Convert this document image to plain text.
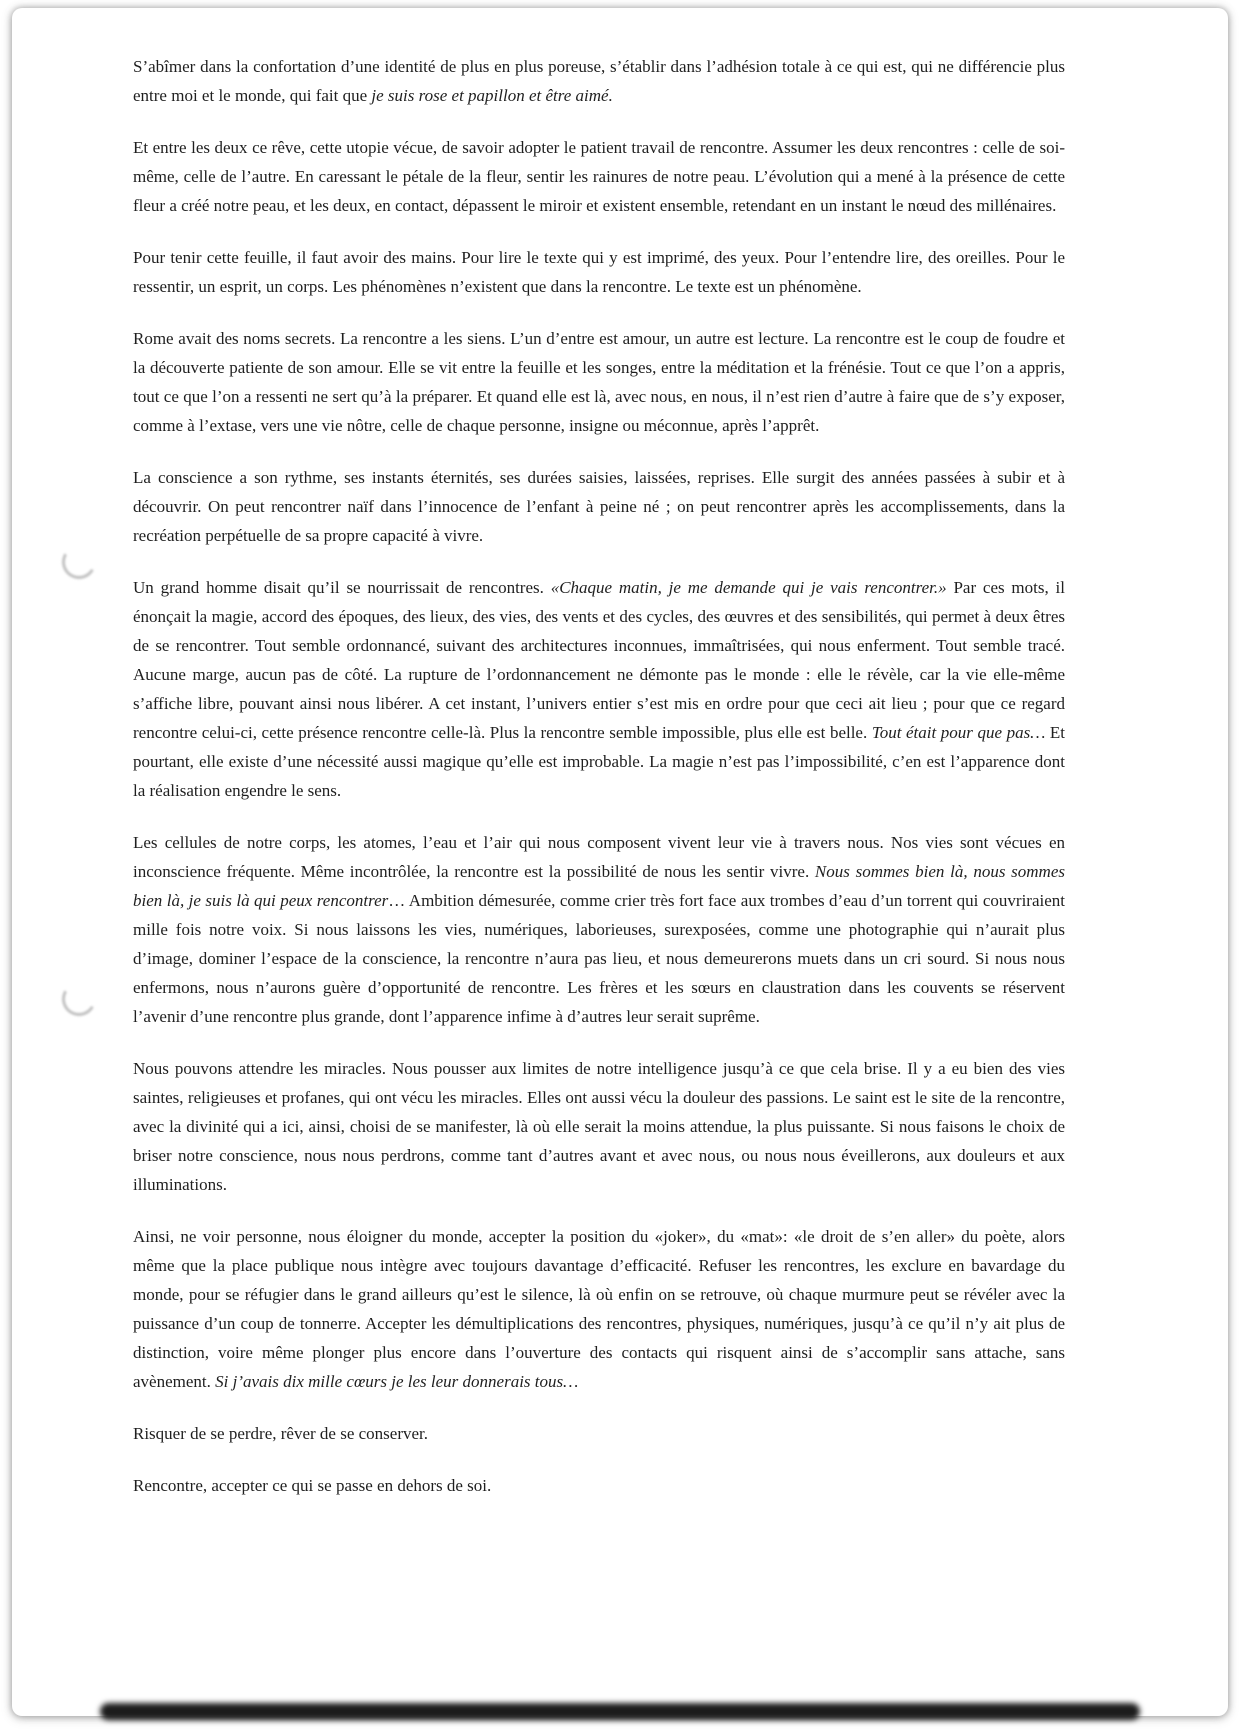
S’abîmer dans la confortation d’une identité de plus en plus poreuse, s’établir dans l’adhésion totale à ce qui est, qui ne différencie plus entre moi et le monde, qui fait que je suis rose et papillon et être aimé.

Et entre les deux ce rêve, cette utopie vécue, de savoir adopter le patient travail de rencontre. Assumer les deux rencontres : celle de soi-même, celle de l’autre. En caressant le pétale de la fleur, sentir les rainures de notre peau. L’évolution qui a mené à la présence de cette fleur a créé notre peau, et les deux, en contact, dépassent le miroir et existent ensemble, retendant en un instant le nœud des millénaires.

Pour tenir cette feuille, il faut avoir des mains. Pour lire le texte qui y est imprimé, des yeux. Pour l’entendre lire, des oreilles. Pour le ressentir, un esprit, un corps. Les phénomènes n’existent que dans la rencontre. Le texte est un phénomène.

Rome avait des noms secrets. La rencontre a les siens. L’un d’entre est amour, un autre est lecture. La rencontre est le coup de foudre et la découverte patiente de son amour. Elle se vit entre la feuille et les songes, entre la méditation et la frénésie. Tout ce que l’on a appris, tout ce que l’on a ressenti ne sert qu’à la préparer. Et quand elle est là, avec nous, en nous, il n’est rien d’autre à faire que de s’y exposer, comme à l’extase, vers une vie nôtre, celle de chaque personne, insigne ou méconnue, après l’apprêt.

La conscience a son rythme, ses instants éternités, ses durées saisies, laissées, reprises. Elle surgit des années passées à subir et à découvrir. On peut rencontrer naïf dans l’innocence de l’enfant à peine né ; on peut rencontrer après les accomplissements, dans la recréation perpétuelle de sa propre capacité à vivre.

Un grand homme disait qu’il se nourrissait de rencontres. «Chaque matin, je me demande qui je vais rencontrer.» Par ces mots, il énonçait la magie, accord des époques, des lieux, des vies, des vents et des cycles, des œuvres et des sensibilités, qui permet à deux êtres de se rencontrer. Tout semble ordonnancé, suivant des architectures inconnues, immaîtrisées, qui nous enferment. Tout semble tracé. Aucune marge, aucun pas de côté. La rupture de l’ordonnancement ne démonte pas le monde : elle le révèle, car la vie elle-même s’affiche libre, pouvant ainsi nous libérer. A cet instant, l’univers entier s’est mis en ordre pour que ceci ait lieu ; pour que ce regard rencontre celui-ci, cette présence rencontre celle-là. Plus la rencontre semble impossible, plus elle est belle. Tout était pour que pas… Et pourtant, elle existe d’une nécessité aussi magique qu’elle est improbable. La magie n’est pas l’impossibilité, c’en est l’apparence dont la réalisation engendre le sens.

Les cellules de notre corps, les atomes, l’eau et l’air qui nous composent vivent leur vie à travers nous. Nos vies sont vécues en inconscience fréquente. Même incontrôlée, la rencontre est la possibilité de nous les sentir vivre. Nous sommes bien là, nous sommes bien là, je suis là qui peux rencontrer… Ambition démesurée, comme crier très fort face aux trombes d’eau d’un torrent qui couvriraient mille fois notre voix. Si nous laissons les vies, numériques, laborieuses, surexposées, comme une photographie qui n’aurait plus d’image, dominer l’espace de la conscience, la rencontre n’aura pas lieu, et nous demeurerons muets dans un cri sourd. Si nous nous enfermons, nous n’aurons guère d’opportunité de rencontre. Les frères et les sœurs en claustration dans les couvents se réservent l’avenir d’une rencontre plus grande, dont l’apparence infime à d’autres leur serait suprême.

Nous pouvons attendre les miracles. Nous pousser aux limites de notre intelligence jusqu’à ce que cela brise. Il y a eu bien des vies saintes, religieuses et profanes, qui ont vécu les miracles. Elles ont aussi vécu la douleur des passions. Le saint est le site de la rencontre, avec la divinité qui a ici, ainsi, choisi de se manifester, là où elle serait la moins attendue, la plus puissante. Si nous faisons le choix de briser notre conscience, nous nous perdrons, comme tant d’autres avant et avec nous, ou nous nous éveillerons, aux douleurs et aux illuminations.

Ainsi, ne voir personne, nous éloigner du monde, accepter la position du «joker», du «mat»: «le droit de s’en aller» du poète, alors même que la place publique nous intègre avec toujours davantage d’efficacité. Refuser les rencontres, les exclure en bavardage du monde, pour se réfugier dans le grand ailleurs qu’est le silence, là où enfin on se retrouve, où chaque murmure peut se révéler avec la puissance d’un coup de tonnerre. Accepter les démultiplications des rencontres, physiques, numériques, jusqu’à ce qu’il n’y ait plus de distinction, voire même plonger plus encore dans l’ouverture des contacts qui risquent ainsi de s’accomplir sans attache, sans avènement. Si j’avais dix mille cœurs je les leur donnerais tous…

Risquer de se perdre, rêver de se conserver.

Rencontre, accepter ce qui se passe en dehors de soi.
